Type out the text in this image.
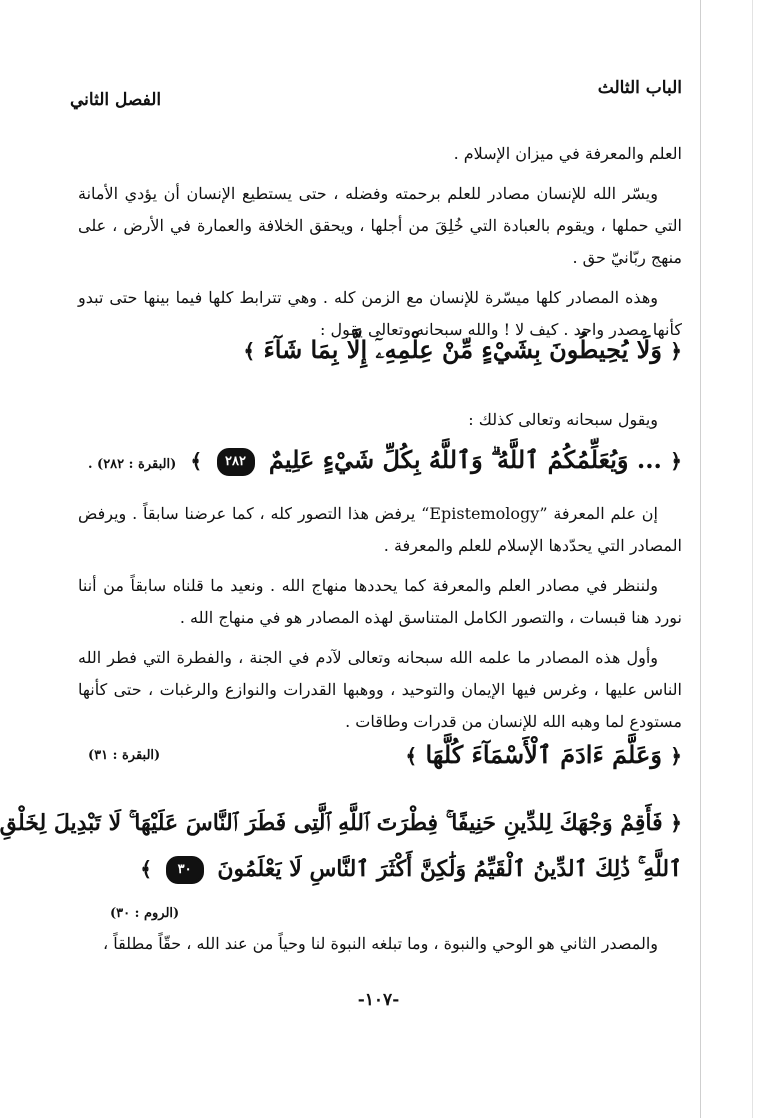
الباب الثالث
الفصل الثاني

العلم والمعرفة في ميزان الإسلام .

ويسّر الله للإنسان مصادر للعلم برحمته وفضله ، حتى يستطيع الإنسان أن يؤدي الأمانة التي حملها ، ويقوم بالعبادة التي خُلِقَ من أجلها ، ويحقق الخلافة والعمارة في الأرض ، على منهج ربّانيّ حق .

وهذه المصادر كلها ميسّرة للإنسان مع الزمن كله . وهي تترابط كلها فيما بينها حتى تبدو كأنها مصدر واحد . كيف لا ! والله سبحانه وتعالى يقول :

﴿ وَلَا يُحِيطُونَ بِشَيْءٍ مِّنْ عِلْمِهِۦٓ إِلَّا بِمَا شَآءَ ﴾

ويقول سبحانه وتعالى كذلك :

﴿ ... وَيُعَلِّمُكُمُ ٱللَّهُ ۗ وَٱللَّهُ بِكُلِّ شَيْءٍ عَلِيمٌ ٢٨٢ ﴾
(البقرة : ٢٨٢) .

إن علم المعرفة ”Epistemology“ يرفض هذا التصور كله ، كما عرضنا سابقاً . ويرفض المصادر التي يحدّدها الإسلام للعلم والمعرفة .

ولننظر في مصادر العلم والمعرفة كما يحددها منهاج الله . ونعيد ما قلناه سابقاً من أننا نورد هنا قبسات ، والتصور الكامل المتناسق لهذه المصادر هو في منهاج الله .

وأول هذه المصادر ما علمه الله سبحانه وتعالى لآدم في الجنة ، والفطرة التي فطر الله الناس عليها ، وغرس فيها الإيمان والتوحيد ، ووهبها القدرات والنوازع والرغبات ، حتى كأنها مستودع لما وهبه الله للإنسان من قدرات وطاقات .

﴿ وَعَلَّمَ ءَادَمَ ٱلْأَسْمَآءَ كُلَّهَا ﴾
(البقرة : ٣١)
﴿ فَأَقِمْ وَجْهَكَ لِلدِّينِ حَنِيفًا ۚ فِطْرَتَ ٱللَّهِ ٱلَّتِى فَطَرَ ٱلنَّاسَ عَلَيْهَا ۚ لَا تَبْدِيلَ لِخَلْقِ
ٱللَّهِ ۚ ذَٰلِكَ ٱلدِّينُ ٱلْقَيِّمُ وَلَٰكِنَّ أَكْثَرَ ٱلنَّاسِ لَا يَعْلَمُونَ ٣٠ ﴾
(الروم : ٣٠)

والمصدر الثاني هو الوحي والنبوة ، وما تبلغه النبوة لنا وحياً من عند الله ، حقّاً مطلقاً ،

-١٠٧-
